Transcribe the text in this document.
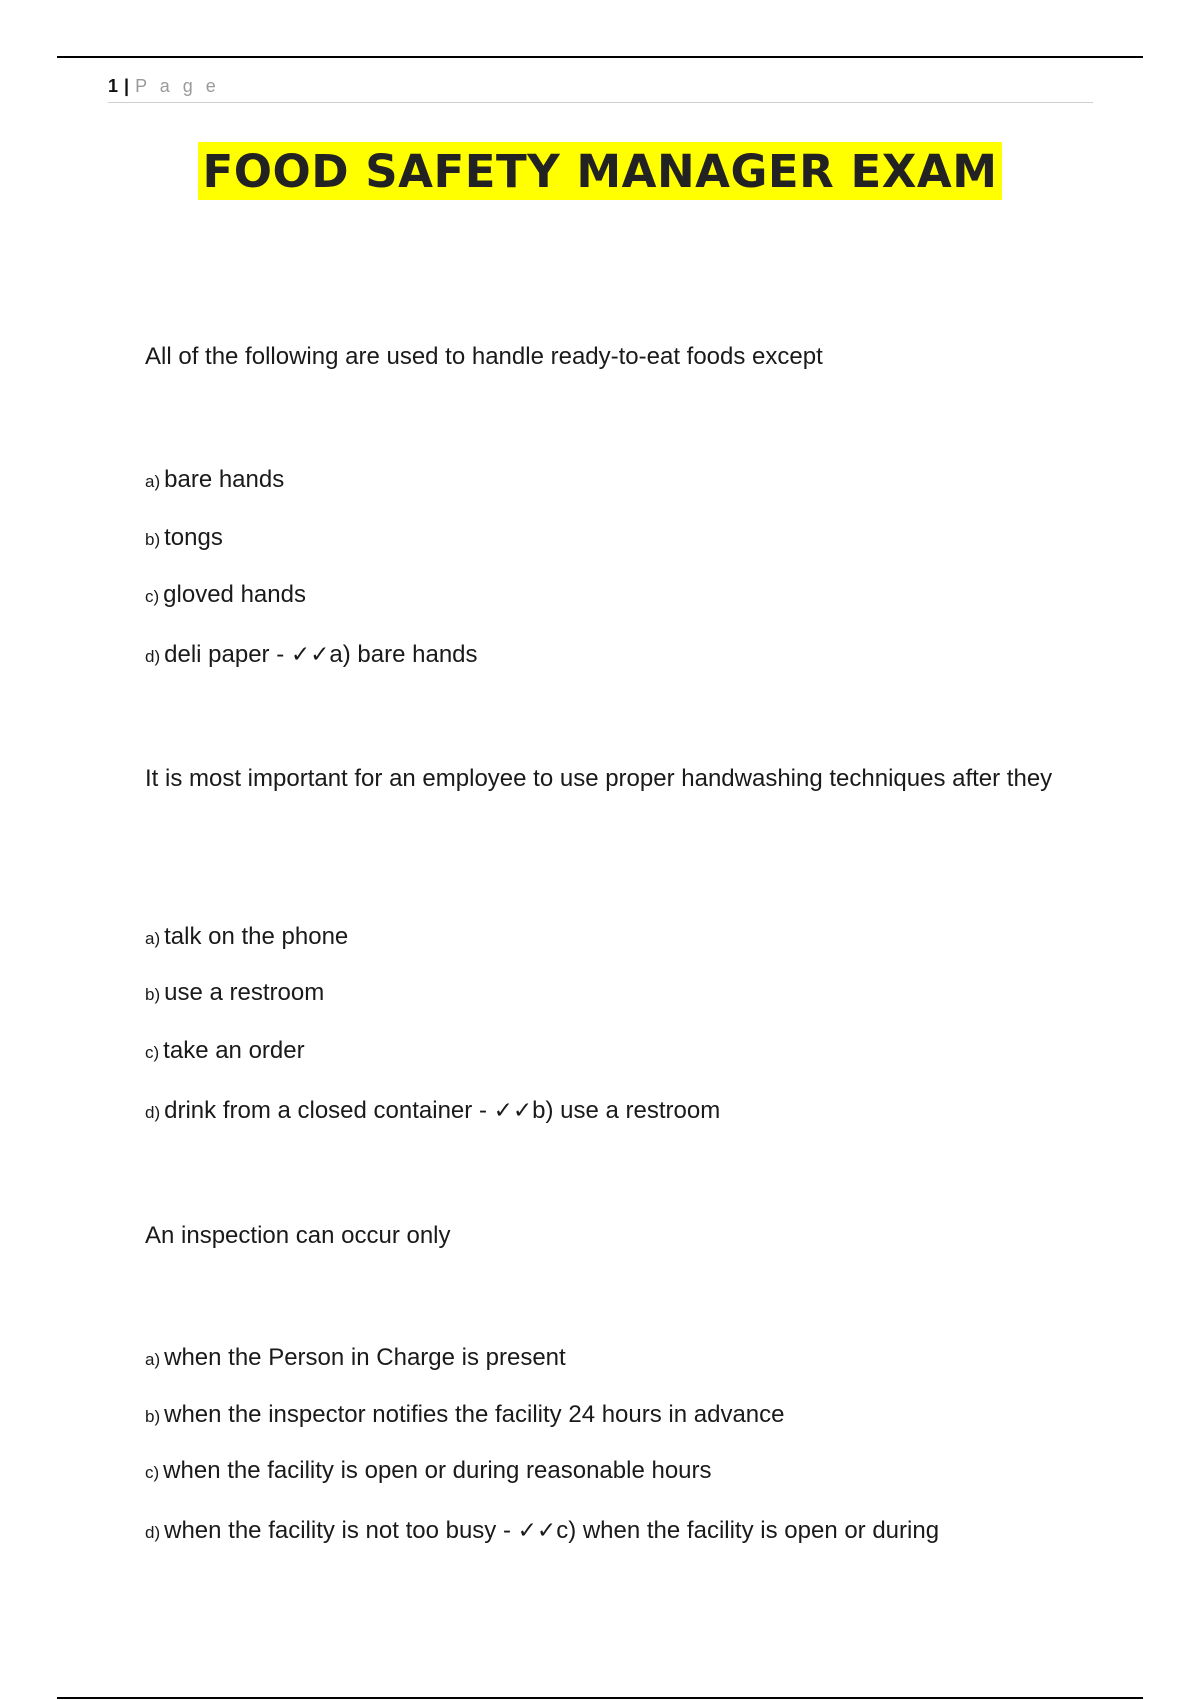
1 | P a g e
FOOD SAFETY MANAGER EXAM
All of the following are used to handle ready-to-eat foods except
a) bare hands
b) tongs
c) gloved hands
d) deli paper - ✓✓a) bare hands
It is most important for an employee to use proper handwashing techniques after they
a) talk on the phone
b) use a restroom
c) take an order
d) drink from a closed container - ✓✓b) use a restroom
An inspection can occur only
a) when the Person in Charge is present
b) when the inspector notifies the facility 24 hours in advance
c) when the facility is open or during reasonable hours
d) when the facility is not too busy - ✓✓c) when the facility is open or during
